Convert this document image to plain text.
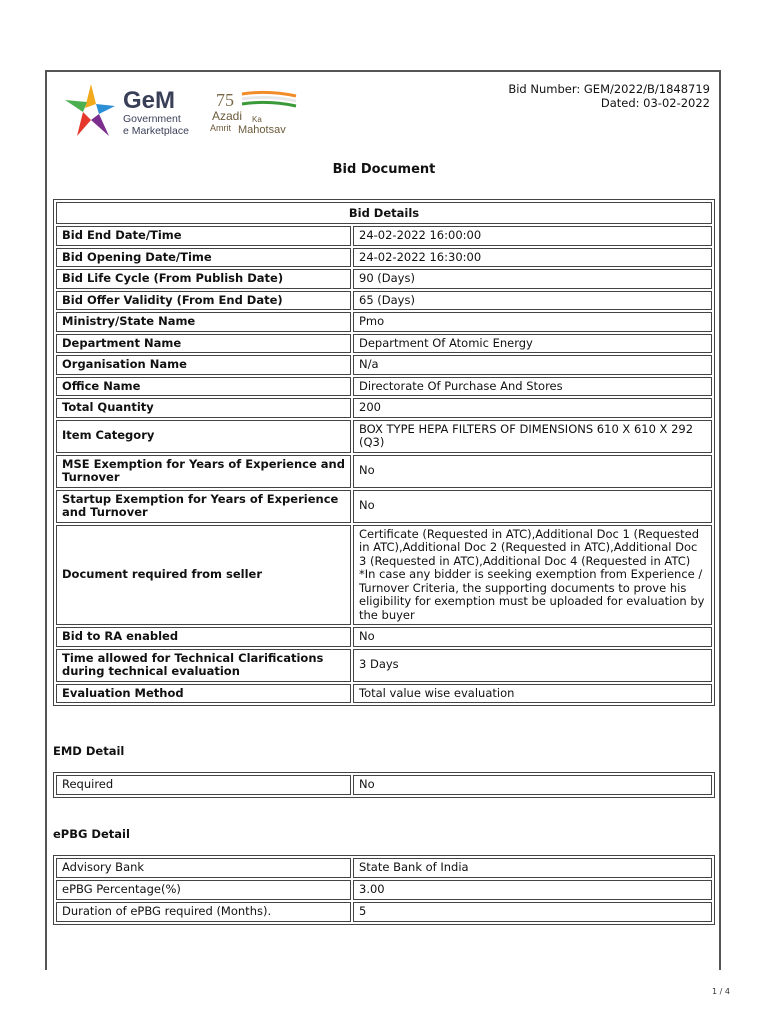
GeM
Government
e Marketplace
75
Azadi Ka
Amrit Mahotsav
Bid Number: GEM/2022/B/1848719
Dated: 03-02-2022
Bid Document
Bid Details	
Bid End Date/Time	24-02-2022 16:00:00
Bid Opening Date/Time	24-02-2022 16:30:00
Bid Life Cycle (From Publish Date)	90 (Days)
Bid Offer Validity (From End Date)	65 (Days)
Ministry/State Name	Pmo
Department Name	Department Of Atomic Energy
Organisation Name	N/a
Office Name	Directorate Of Purchase And Stores
Total Quantity	200
Item Category	BOX TYPE HEPA FILTERS OF DIMENSIONS 610 X 610 X 292 (Q3)
MSE Exemption for Years of Experience and Turnover	No
Startup Exemption for Years of Experience and Turnover	No
Document required from seller	Certificate (Requested in ATC),Additional Doc 1 (Requested in ATC),Additional Doc 2 (Requested in ATC),Additional Doc 3 (Requested in ATC),Additional Doc 4 (Requested in ATC) *In case any bidder is seeking exemption from Experience / Turnover Criteria, the supporting documents to prove his eligibility for exemption must be uploaded for evaluation by the buyer
Bid to RA enabled	No
Time allowed for Technical Clarifications during technical evaluation	3 Days
Evaluation Method	Total value wise evaluation
EMD Detail
Required	No
ePBG Detail
Advisory Bank	State Bank of India
ePBG Percentage(%)	3.00
Duration of ePBG required (Months).	5
1 / 4
